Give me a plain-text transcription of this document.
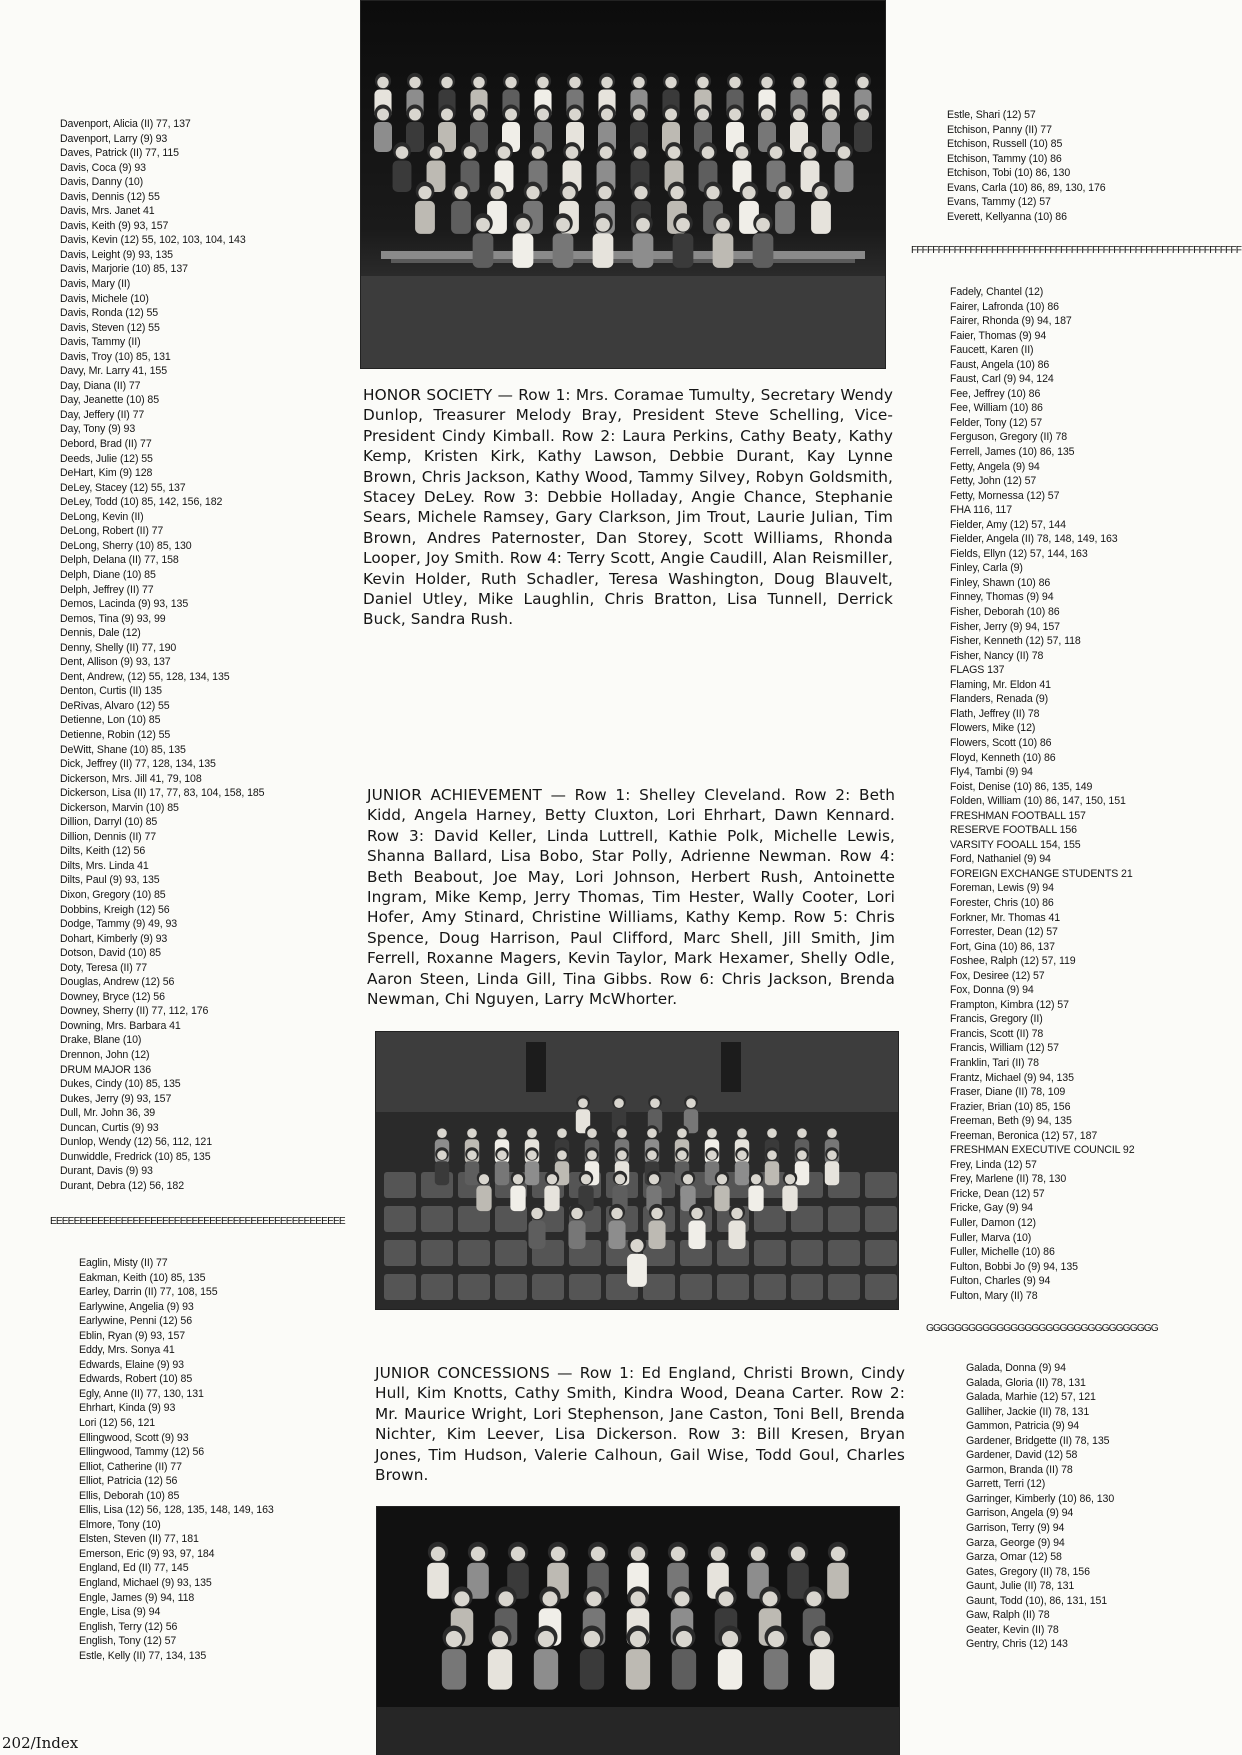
Davenport, Alicia (II) 77, 137
Davenport, Larry (9) 93
Daves, Patrick (II) 77, 115
Davis, Coca (9) 93
Davis, Danny (10)
Davis, Dennis (12) 55
Davis, Mrs. Janet 41
Davis, Keith (9) 93, 157
Davis, Kevin (12) 55, 102, 103, 104, 143
Davis, Leight (9) 93, 135
Davis, Marjorie (10) 85, 137
Davis, Mary (II)
Davis, Michele (10)
Davis, Ronda (12) 55
Davis, Steven (12) 55
Davis, Tammy (II)
Davis, Troy (10) 85, 131
Davy, Mr. Larry 41, 155
Day, Diana (II) 77
Day, Jeanette (10) 85
Day, Jeffery (II) 77
Day, Tony (9) 93
Debord, Brad (II) 77
Deeds, Julie (12) 55
DeHart, Kim (9) 128
DeLey, Stacey (12) 55, 137
DeLey, Todd (10) 85, 142, 156, 182
DeLong, Kevin (II)
DeLong, Robert (II) 77
DeLong, Sherry (10) 85, 130
Delph, Delana (II) 77, 158
Delph, Diane (10) 85
Delph, Jeffrey (II) 77
Demos, Lacinda (9) 93, 135
Demos, Tina (9) 93, 99
Dennis, Dale (12)
Denny, Shelly (II) 77, 190
Dent, Allison (9) 93, 137
Dent, Andrew, (12) 55, 128, 134, 135
Denton, Curtis (II) 135
DeRivas, Alvaro (12) 55
Detienne, Lon (10) 85
Detienne, Robin (12) 55
DeWitt, Shane (10) 85, 135
Dick, Jeffrey (II) 77, 128, 134, 135
Dickerson, Mrs. Jill 41, 79, 108
Dickerson, Lisa (II) 17, 77, 83, 104, 158, 185
Dickerson, Marvin (10) 85
Dillion, Darryl (10) 85
Dillion, Dennis (II) 77
Dilts, Keith (12) 56
Dilts, Mrs. Linda 41
Dilts, Paul (9) 93, 135
Dixon, Gregory (10) 85
Dobbins, Kreigh (12) 56
Dodge, Tammy (9) 49, 93
Dohart, Kimberly (9) 93
Dotson, David (10) 85
Doty, Teresa (II) 77
Douglas, Andrew (12) 56
Downey, Bryce (12) 56
Downey, Sherry (II) 77, 112, 176
Downing, Mrs. Barbara 41
Drake, Blane (10)
Drennon, John (12)
DRUM MAJOR 136
Dukes, Cindy (10) 85, 135
Dukes, Jerry (9) 93, 157
Dull, Mr. John 36, 39
Duncan, Curtis (9) 93
Dunlop, Wendy (12) 56, 112, 121
Dunwiddle, Fredrick (10) 85, 135
Durant, Davis (9) 93
Durant, Debra (12) 56, 182

EEEEEEEEEEEEEEEEEEEEEEEEEEEEEEEEEEEEEEEEEEEEEEEEEE

Eaglin, Misty (II) 77
Eakman, Keith (10) 85, 135
Earley, Darrin (II) 77, 108, 155
Earlywine, Angelia (9) 93
Earlywine, Penni (12) 56
Eblin, Ryan (9) 93, 157
Eddy, Mrs. Sonya 41
Edwards, Elaine (9) 93
Edwards, Robert (10) 85
Egly, Anne (II) 77, 130, 131
Ehrhart, Kinda (9) 93
Lori (12) 56, 121
Ellingwood, Scott (9) 93
Ellingwood, Tammy (12) 56
Elliot, Catherine (II) 77
Elliot, Patricia (12) 56
Ellis, Deborah (10) 85
Ellis, Lisa (12) 56, 128, 135, 148, 149, 163
Elmore, Tony (10)
Elsten, Steven (II) 77, 181
Emerson, Eric (9) 93, 97, 184
England, Ed (II) 77, 145
England, Michael (9) 93, 135
Engle, James (9) 94, 118
Engle, Lisa (9) 94
English, Terry (12) 56
English, Tony (12) 57
Estle, Kelly (II) 77, 134, 135
Estle, Shari (12) 57
Etchison, Panny (II) 77
Etchison, Russell (10) 85
Etchison, Tammy (10) 86
Etchison, Tobi (10) 86, 130
Evans, Carla (10) 86, 89, 130, 176
Evans, Tammy (12) 57
Everett, Kellyanna (10) 86

FFFFFFFFFFFFFFFFFFFFFFFFFFFFFFFFFFFFFFFFFFFFFFFFFFFFFFFFFFFFFF

Fadely, Chantel (12)
Fairer, Lafronda (10) 86
Fairer, Rhonda (9) 94, 187
Faier, Thomas (9) 94
Faucett, Karen (II)
Faust, Angela (10) 86
Faust, Carl (9) 94, 124
Fee, Jeffrey (10) 86
Fee, William (10) 86
Felder, Tony (12) 57
Ferguson, Gregory (II) 78
Ferrell, James (10) 86, 135
Fetty, Angela (9) 94
Fetty, John (12) 57
Fetty, Mornessa (12) 57
FHA 116, 117
Fielder, Amy (12) 57, 144
Fielder, Angela (II) 78, 148, 149, 163
Fields, Ellyn (12) 57, 144, 163
Finley, Carla (9)
Finley, Shawn (10) 86
Finney, Thomas (9) 94
Fisher, Deborah (10) 86
Fisher, Jerry (9) 94, 157
Fisher, Kenneth (12) 57, 118
Fisher, Nancy (II) 78
FLAGS 137
Flaming, Mr. Eldon 41
Flanders, Renada (9)
Flath, Jeffrey (II) 78
Flowers, Mike (12)
Flowers, Scott (10) 86
Floyd, Kenneth (10) 86
Fly4, Tambi (9) 94
Foist, Denise (10) 86, 135, 149
Folden, William (10) 86, 147, 150, 151
FRESHMAN FOOTBALL 157
RESERVE FOOTBALL 156
VARSITY FOOALL 154, 155
Ford, Nathaniel (9) 94
FOREIGN EXCHANGE STUDENTS 21
Foreman, Lewis (9) 94
Forester, Chris (10) 86
Forkner, Mr. Thomas 41
Forrester, Dean (12) 57
Fort, Gina (10) 86, 137
Foshee, Ralph (12) 57, 119
Fox, Desiree (12) 57
Fox, Donna (9) 94
Frampton, Kimbra (12) 57
Francis, Gregory (II)
Francis, Scott (II) 78
Francis, William (12) 57
Franklin, Tari (II) 78
Frantz, Michael (9) 94, 135
Fraser, Diane (II) 78, 109
Frazier, Brian (10) 85, 156
Freeman, Beth (9) 94, 135
Freeman, Beronica (12) 57, 187
FRESHMAN EXECUTIVE COUNCIL 92
Frey, Linda (12) 57
Frey, Marlene (II) 78, 130
Fricke, Dean (12) 57
Fricke, Gay (9) 94
Fuller, Damon (12)
Fuller, Marva (10)
Fuller, Michelle (10) 86
Fulton, Bobbi Jo (9) 94, 135
Fulton, Charles (9) 94
Fulton, Mary (II) 78

GGGGGGGGGGGGGGGGGGGGGGGGGGGGGGGGG

Galada, Donna (9) 94
Galada, Gloria (II) 78, 131
Galada, Marhie (12) 57, 121
Galliher, Jackie (II) 78, 131
Gammon, Patricia (9) 94
Gardener, Bridgette (II) 78, 135
Gardener, David (12) 58
Garmon, Branda (II) 78
Garrett, Terri (12)
Garringer, Kimberly (10) 86, 130
Garrison, Angela (9) 94
Garrison, Terry (9) 94
Garza, George (9) 94
Garza, Omar (12) 58
Gates, Gregory (II) 78, 156
Gaunt, Julie (II) 78, 131
Gaunt, Todd (10), 86, 131, 151
Gaw, Ralph (II) 78
Geater, Kevin (II) 78
Gentry, Chris (12) 143

HONOR SOCIETY — Row 1: Mrs. Coramae Tumulty, Secretary Wendy Dunlop, Treasurer Melody Bray, President Steve Schelling, Vice-President Cindy Kimball. Row 2: Laura Perkins, Cathy Beaty, Kathy Kemp, Kristen Kirk, Kathy Lawson, Debbie Durant, Kay Lynne Brown, Chris Jackson, Kathy Wood, Tammy Silvey, Robyn Goldsmith, Stacey DeLey. Row 3: Debbie Holladay, Angie Chance, Stephanie Sears, Michele Ramsey, Gary Clarkson, Jim Trout, Laurie Julian, Tim Brown, Andres Paternoster, Dan Storey, Scott Williams, Rhonda Looper, Joy Smith. Row 4: Terry Scott, Angie Caudill, Alan Reismiller, Kevin Holder, Ruth Schadler, Teresa Washington, Doug Blauvelt, Daniel Utley, Mike Laughlin, Chris Bratton, Lisa Tunnell, Derrick Buck, Sandra Rush.

JUNIOR ACHIEVEMENT — Row 1: Shelley Cleveland. Row 2: Beth Kidd, Angela Harney, Betty Cluxton, Lori Ehrhart, Dawn Kennard. Row 3: David Keller, Linda Luttrell, Kathie Polk, Michelle Lewis, Shanna Ballard, Lisa Bobo, Star Polly, Adrienne Newman. Row 4: Beth Beabout, Joe May, Lori Johnson, Herbert Rush, Antoinette Ingram, Mike Kemp, Jerry Thomas, Tim Hester, Wally Cooter, Lori Hofer, Amy Stinard, Christine Williams, Kathy Kemp. Row 5: Chris Spence, Doug Harrison, Paul Clifford, Marc Shell, Jill Smith, Jim Ferrell, Roxanne Magers, Kevin Taylor, Mark Hexamer, Shelly Odle, Aaron Steen, Linda Gill, Tina Gibbs. Row 6: Chris Jackson, Brenda Newman, Chi Nguyen, Larry McWhorter.

JUNIOR CONCESSIONS — Row 1: Ed England, Christi Brown, Cindy Hull, Kim Knotts, Cathy Smith, Kindra Wood, Deana Carter. Row 2: Mr. Maurice Wright, Lori Stephenson, Jane Caston, Toni Bell, Brenda Nichter, Kim Leever, Lisa Dickerson. Row 3: Bill Kresen, Bryan Jones, Tim Hudson, Valerie Calhoun, Gail Wise, Todd Goul, Charles Brown.

202/Index
